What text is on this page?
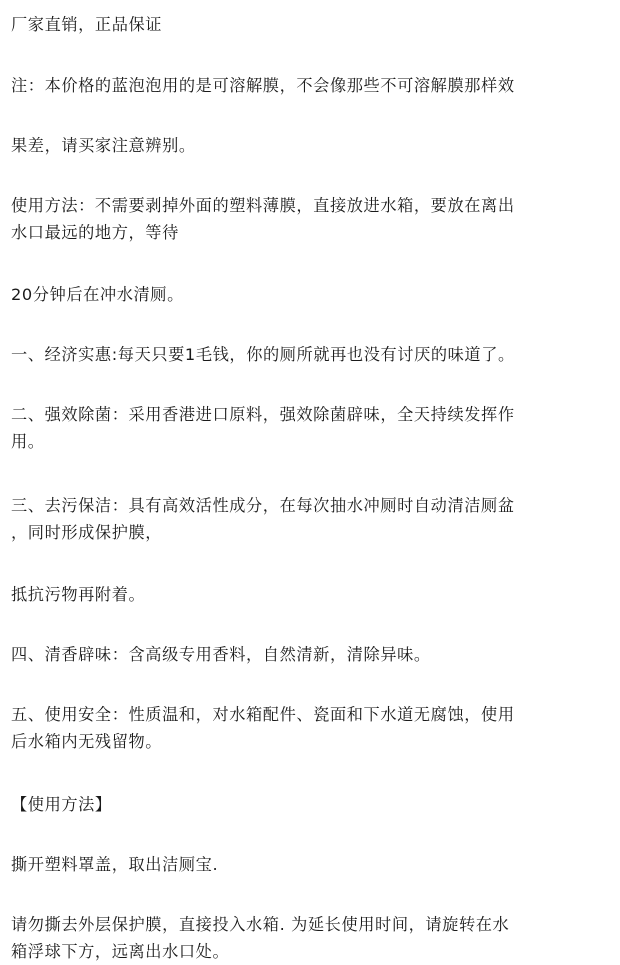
厂家直销，正品保证

注：本价格的蓝泡泡用的是可溶解膜，不会像那些不可溶解膜那样效

果差，请买家注意辨别。

使用方法：不需要剥掉外面的塑料薄膜，直接放进水箱，要放在离出
水口最远的地方，等待

20分钟后在冲水清厕。

一、经济实惠:每天只要1毛钱，你的厕所就再也没有讨厌的味道了。

二、强效除菌：采用香港进口原料，强效除菌辟味，全天持续发挥作
用。

三、去污保洁：具有高效活性成分，在每次抽水冲厕时自动清洁厕盆
，同时形成保护膜，

抵抗污物再附着。

四、清香辟味：含高级专用香料，自然清新，清除异味。

五、使用安全：性质温和，对水箱配件、瓷面和下水道无腐蚀，使用
后水箱内无残留物。

【使用方法】

撕开塑料罩盖，取出洁厕宝.

请勿撕去外层保护膜，直接投入水箱. 为延长使用时间，请旋转在水
箱浮球下方，远离出水口处。
